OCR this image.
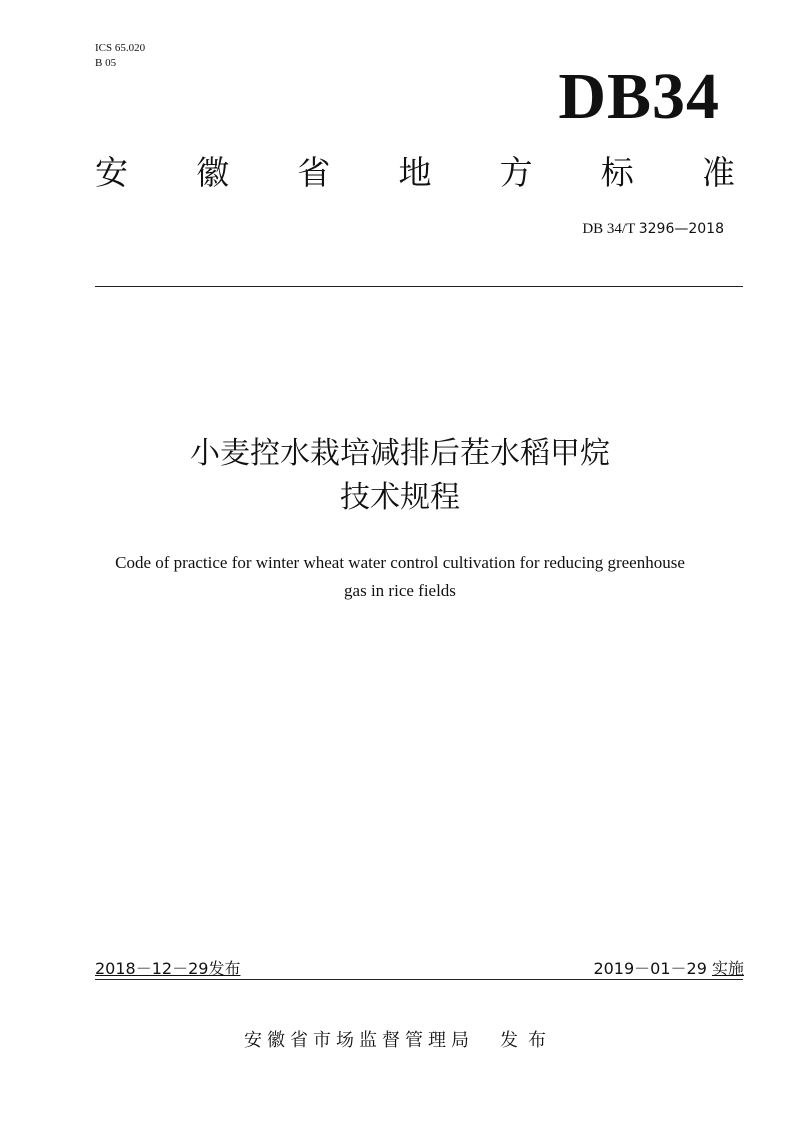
ICS 65.020
B 05	DB34
安 徽 省 地 方 标 准
DB 34/T 3296—2018
小麦控水栽培减排后茬水稻甲烷
技术规程
Code of practice for winter wheat water control cultivation for reducing greenhouse
gas in rice fields
2018－12－29发布	2019－01－29 实施
安徽省市场监督管理局 发布
